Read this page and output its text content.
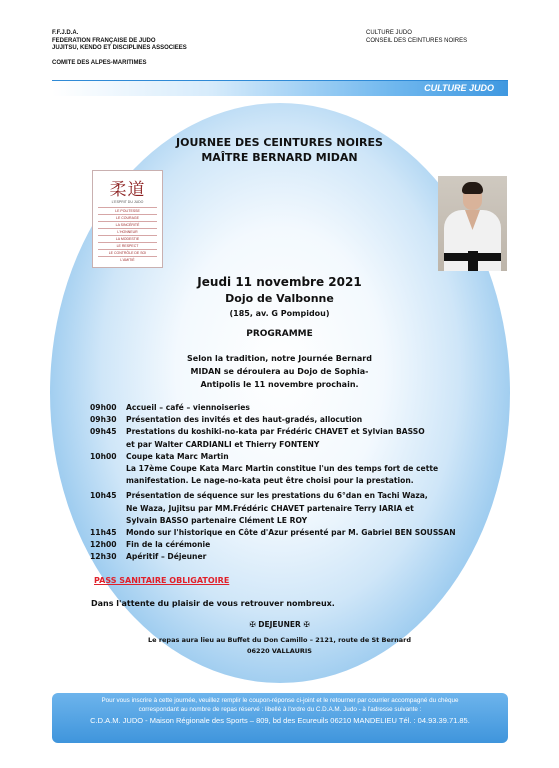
F.F.J.D.A.
FEDERATION FRANÇAISE DE JUDO
JUJITSU, KENDO ET DISCIPLINES ASSOCIEES
COMITE DES ALPES-MARITIMES
CULTURE JUDO
CONSEIL DES CEINTURES NOIRES
CULTURE JUDO
JOURNEE DES CEINTURES NOIRES
MAÎTRE BERNARD MIDAN
柔道
L'ESPRIT DU JUDO
LE POLITESSE
LE COURAGE
LA SINCÉRITÉ
L'HONNEUR
LA MODESTIE
LE RESPECT
LE CONTRÔLE DE SOI
L'AMITIÉ
Jeudi 11 novembre 2021
Dojo de Valbonne
(185, av. G Pompidou)
PROGRAMME
Selon la tradition, notre Journée Bernard
MIDAN se déroulera au Dojo de Sophia-
Antipolis le 11 novembre prochain.
09h00	Accueil – café – viennoiseries
09h30	Présentation des invités et des haut-gradés, allocution
09h45	Prestations du koshiki-no-kata par Frédéric CHAVET et Sylvian BASSO
et par Walter CARDIANLI et Thierry FONTENY
10h00	Coupe kata Marc Martin
La 17ème Coupe Kata Marc Martin constitue l'un des temps fort de cette
manifestation. Le nage-no-kata peut être choisi pour la prestation.
10h45	Présentation de séquence sur les prestations du 6°dan en Tachi Waza,
Ne Waza, Jujitsu par MM.Frédéric CHAVET partenaire Terry IARIA et
Sylvain BASSO partenaire Clément LE ROY
11h45	Mondo sur l'historique en Côte d'Azur présenté par M. Gabriel BEN SOUSSAN
12h00	Fin de la cérémonie
12h30	Apéritif – Déjeuner
PASS SANITAIRE OBLIGATOIRE
Dans l'attente du plaisir de vous retrouver nombreux.
✠ DEJEUNER ✠
Le repas aura lieu au Buffet du Don Camillo – 2121, route de St Bernard
06220 VALLAURIS
Pour vous inscrire à cette journée, veuillez remplir le coupon-réponse ci-joint et le retourner par courrier accompagné du chèque
correspondant au nombre de repas réservé : libellé à l'ordre du C.D.A.M. Judo - à l'adresse suivante :
C.D.A.M. JUDO - Maison Régionale des Sports – 809, bd des Ecureuils 06210 MANDELIEU Tél. : 04.93.39.71.85.
